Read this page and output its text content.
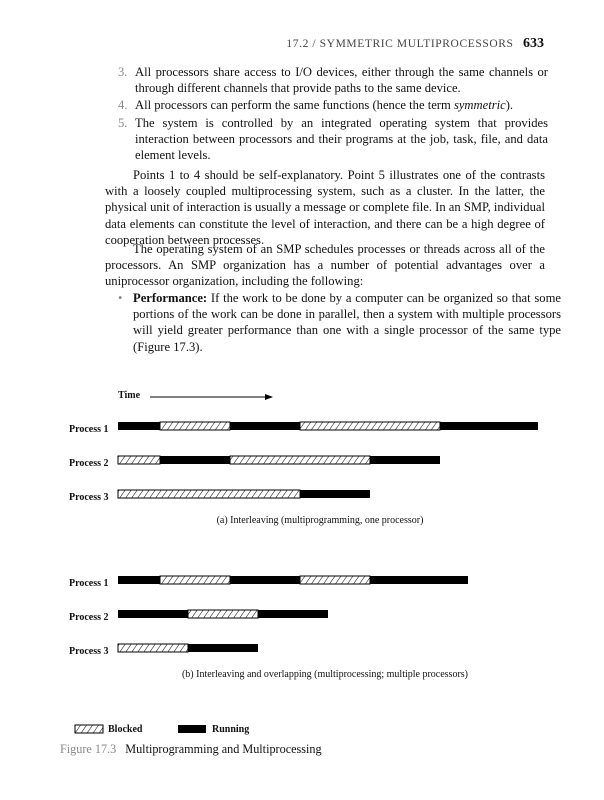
17.2 / SYMMETRIC MULTIPROCESSORS 633
3. All processors share access to I/O devices, either through the same channels or through different channels that provide paths to the same device.
4. All processors can perform the same functions (hence the term symmetric).
5. The system is controlled by an integrated operating system that provides interaction between processors and their programs at the job, task, file, and data element levels.

Points 1 to 4 should be self-explanatory. Point 5 illustrates one of the contrasts with a loosely coupled multiprocessing system, such as a cluster. In the latter, the physical unit of interaction is usually a message or complete file. In an SMP, individual data elements can constitute the level of interaction, and there can be a high degree of cooperation between processes.

The operating system of an SMP schedules processes or threads across all of the processors. An SMP organization has a number of potential advantages over a uniprocessor organization, including the following:

• Performance: If the work to be done by a computer can be organized so that some portions of the work can be done in parallel, then a system with multiple processors will yield greater performance than one with a single processor of the same type (Figure 17.3).

Time
Process 1
Process 2
Process 3
(a) Interleaving (multiprogramming, one processor)
Process 1
Process 2
Process 3
(b) Interleaving and overlapping (multiprocessing; multiple processors)
Blocked	Running
Figure 17.3 Multiprogramming and Multiprocessing
